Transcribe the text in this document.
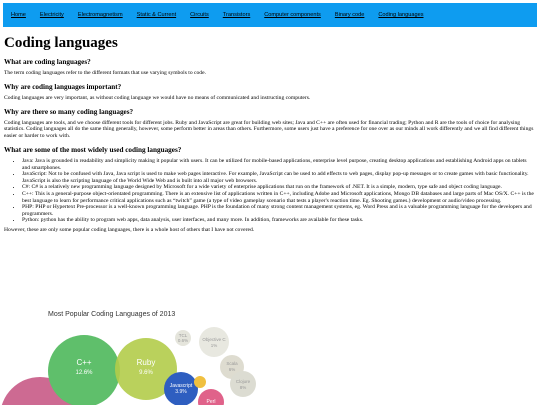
Home	Electricity	Electromagnetism	Static & Current	Circuits	Transistors	Computer components	Binary code	Coding languages
Coding languages
What are coding languages?

The term coding languages refer to the different formats that use varying symbols to code.

Why are coding languages important?

Coding languages are very important, as without coding language we would have no means of communicated and instructing computers.

Why are there so many coding languages?

Coding languages are tools, and we choose different tools for different jobs. Ruby and JavaScript are great for building web sites; Java and C++ are often used for financial trading; Python and R are the tools of choice for analysing statistics. Coding languages all do the same thing generally, however, some perform better in areas than others. Furthermore, some users just have a preference for one over as our minds all work differently and we all find different things easier or harder to work with.

What are some of the most widely used coding languages?
• Java: Java is grounded in readability and simplicity making it popular with users. It can be utilized for mobile-based applications, enterprise level purpose, creating desktop applications and establishing Android apps on tablets and smartphones.
• JavaScript: Not to be confused with Java, Java script is used to make web pages interactive. For example, JavaScript can be used to add effects to web pages, display pop-up messages or to create games with basic functionality. JavaScript is also the scripting language of the World Wide Web and is built into all major web browsers.
• C#: C# is a relatively new programming language designed by Microsoft for a wide variety of enterprise applications that run on the framework of .NET. It is a simple, modern, type safe and object coding language.
• C++: This is a general-purpose object-orientated programming. There is an extensive list of applications written in C++, including Adobe and Microsoft applications, Mongo DB databases and large parts of Mac OS/X. C++ is the best language to learn for performance critical applications such as “twitch” game (a type of video gameplay scenario that tests a player's reaction time. Eg. Shooting games.) development or audio/video processing.
• PHP: PHP or Hypertext Pre-processor is a well-known programming language. PHP is the foundation of many strong content management systems, eg. Word Press and is a valuable programming language for the developers and programmers.
• Python: python has the ability to program web apps, data analysis, user interfaces, and many more. In addition, frameworks are available for these tasks.

However, these are only some popular coding languages, there is a whole host of others that I have not covered.

Most Popular Coding Languages of 2013
C++
12.6%
Ruby
9.6%
TCL
0.6%	Objective C
1%
Scala
6%
Clojure
8%
Javascript
3.9%
Perl
